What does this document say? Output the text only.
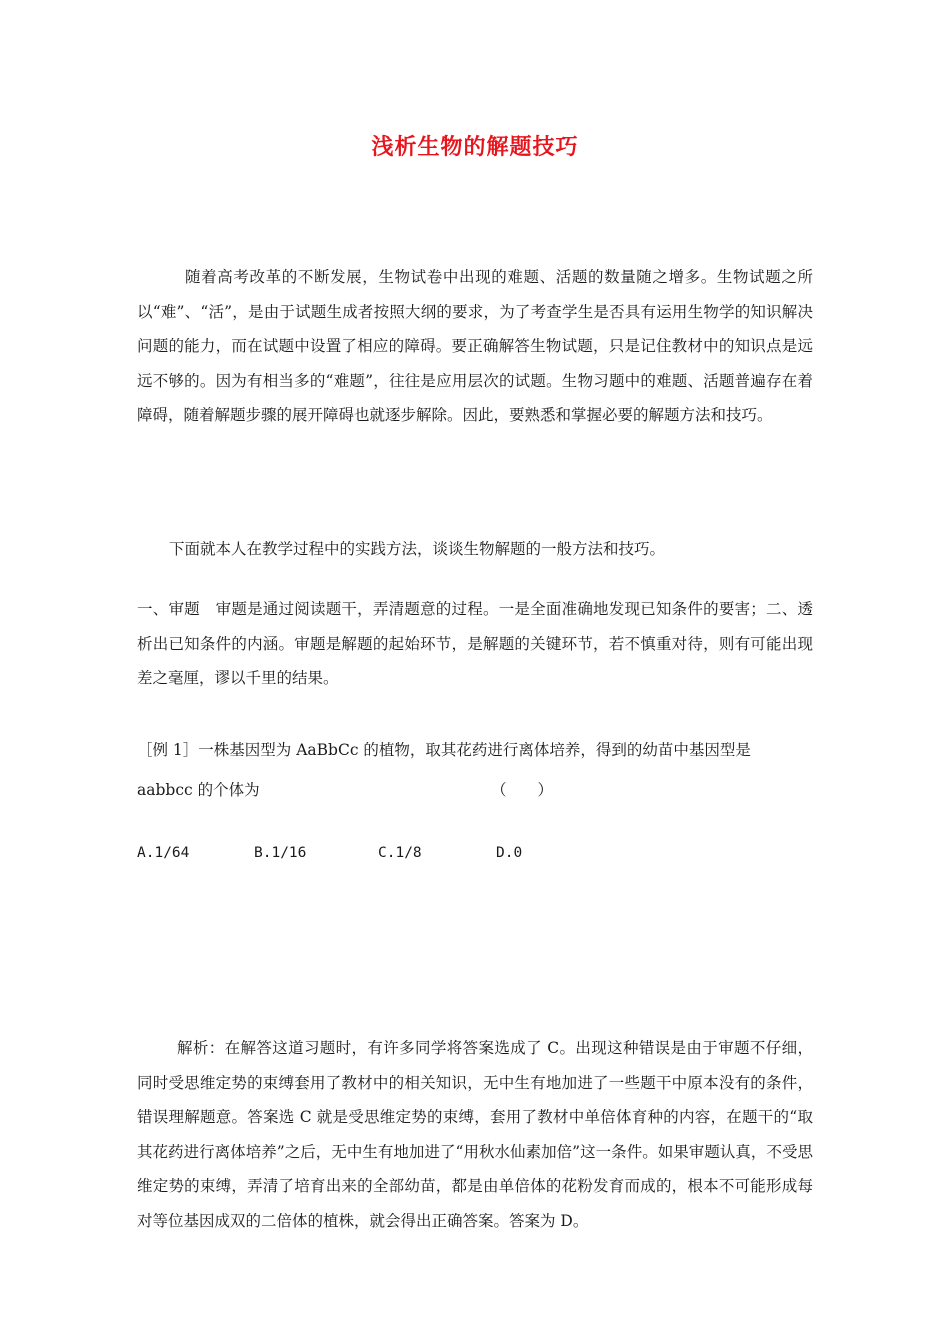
浅析生物的解题技巧

随着高考改革的不断发展，生物试卷中出现的难题、活题的数量随之增多。生物试题之所以“难”、“活”，是由于试题生成者按照大纲的要求，为了考查学生是否具有运用生物学的知识解决问题的能力，而在试题中设置了相应的障碍。要正确解答生物试题，只是记住教材中的知识点是远远不够的。因为有相当多的“难题”，往往是应用层次的试题。生物习题中的难题、活题普遍存在着障碍，随着解题步骤的展开障碍也就逐步解除。因此，要熟悉和掌握必要的解题方法和技巧。

下面就本人在教学过程中的实践方法，谈谈生物解题的一般方法和技巧。

一、审题　审题是通过阅读题干，弄清题意的过程。一是全面准确地发现已知条件的要害；二、透析出已知条件的内涵。审题是解题的起始环节，是解题的关键环节，若不慎重对待，则有可能出现差之毫厘，谬以千里的结果。

［例 1］一株基因型为 AaBbCc 的植物，取其花药进行离体培养，得到的幼苗中基因型是

aabbcc 的个体为	（　　）
A.1/64	B.1/16	C.1/8	D.0

解析：在解答这道习题时，有许多同学将答案选成了 C。出现这种错误是由于审题不仔细，同时受思维定势的束缚套用了教材中的相关知识，无中生有地加进了一些题干中原本没有的条件，错误理解题意。答案选 C 就是受思维定势的束缚，套用了教材中单倍体育种的内容，在题干的“取其花药进行离体培养”之后，无中生有地加进了“用秋水仙素加倍”这一条件。如果审题认真，不受思维定势的束缚，弄清了培育出来的全部幼苗，都是由单倍体的花粉发育而成的，根本不可能形成每对等位基因成双的二倍体的植株，就会得出正确答案。答案为 D。
